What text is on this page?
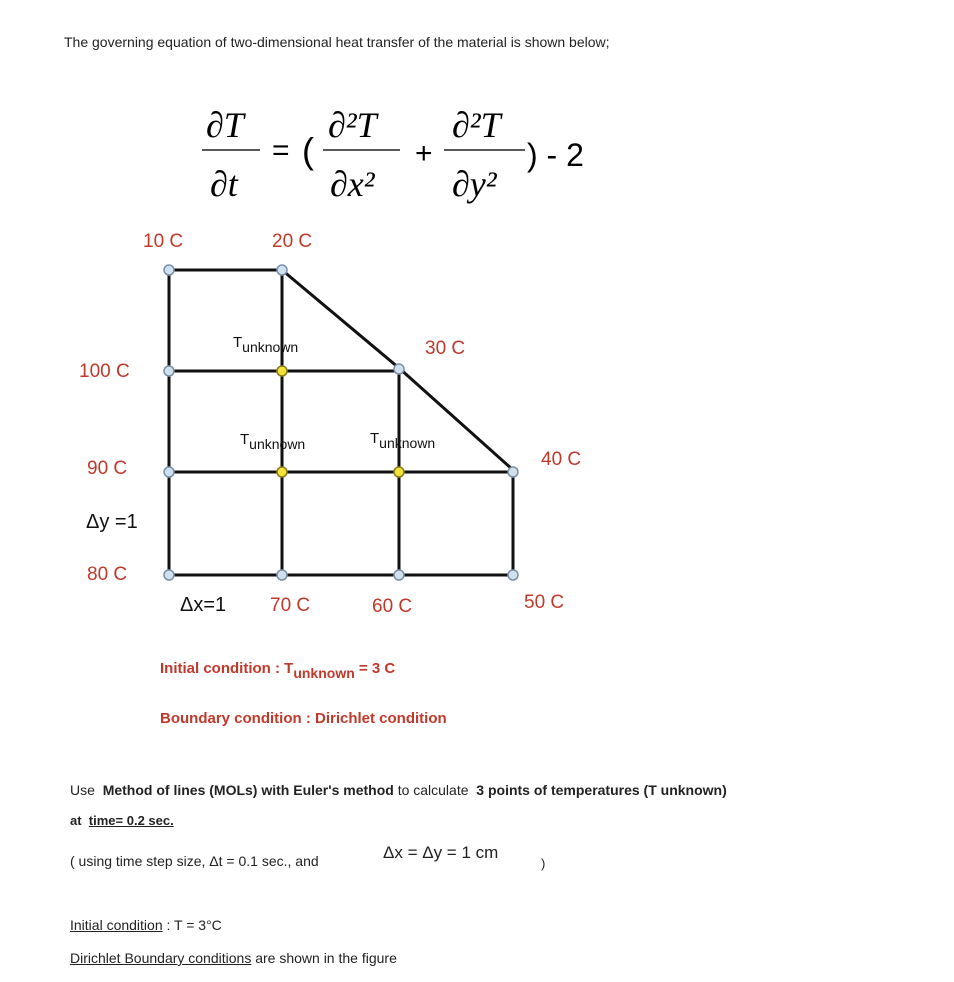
The governing equation of two-dimensional heat transfer of the material is shown below;
∂T
∂t
= (
∂²T
∂x²
+
∂²T
∂y²
) - 2
10 C	20 C
30 C
100 C
40 C
90 C
Δy =1
80 C
Δx=1 70 C	60 C	50 C
$T_{unknown}$
$T_{unknown}$	$T_{unknown}$
Initial condition : $T_{unknown} = 3$ C
Boundary condition : Dirichlet condition
Use Method of lines (MOLs) with Euler's method to calculate 3 points of temperatures (T unknown)
at time= 0.2 sec.
( using time step size, Δt = 0.1 sec., and	Δx = Δy = 1 cm
)
Initial condition : T = 3°C
Dirichlet Boundary conditions are shown in the figure
